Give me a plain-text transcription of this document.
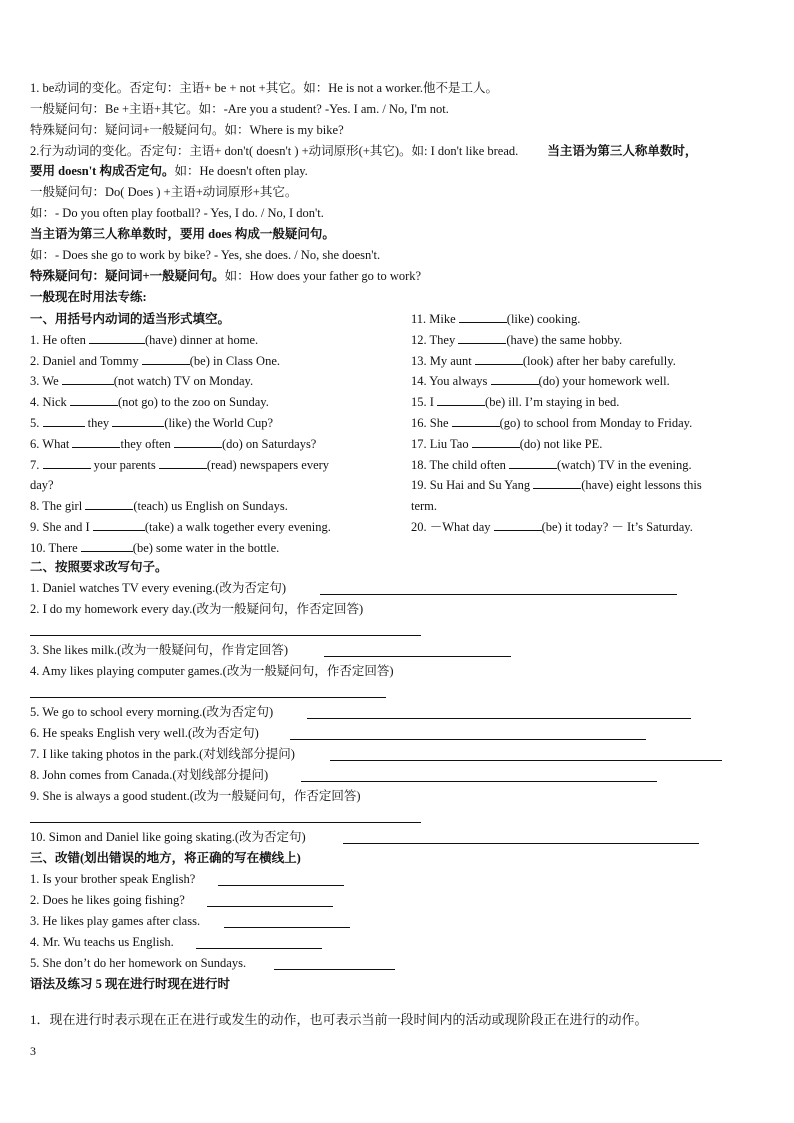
1. be动词的变化。否定句：主语+ be + not +其它。如：He is not a worker.他不是工人。
一般疑问句：Be +主语+其它。如：-Are you a student? -Yes. I am. / No, I'm not.
特殊疑问句：疑问词+一般疑问句。如：Where is my bike?
2.行为动词的变化。否定句：主语+ don't( doesn't ) +动词原形(+其它)。如: I don't like bread. 当主语为第三人称单数时，
要用 doesn't 构成否定句。如：He doesn't often play.
一般疑问句：Do( Does ) +主语+动词原形+其它。
如：- Do you often play football? - Yes, I do. / No, I don't.
当主语为第三人称单数时，要用 does 构成一般疑问句。
如：- Does she go to work by bike? - Yes, she does. / No, she doesn't.
特殊疑问句：疑问词+一般疑问句。如：How does your father go to work?
一般现在时用法专练:
一、用括号内动词的适当形式填空。
1. He often	(have) dinner at home.
2. Daniel and Tommy	(be) in Class One.
3. We	(not watch) TV on Monday.
4. Nick	(not go) to the zoo on Sunday.
5.	they	(like) the World Cup?
6. What	they often	(do) on Saturdays?
7.	your parents	(read) newspapers every
day?
8. The girl	(teach) us English on Sundays.
9. She and I	(take) a walk together every evening.
10. There	(be) some water in the bottle.
11. Mike	(like) cooking.
12. They	(have) the same hobby.
13. My aunt	(look) after her baby carefully.
14. You always	(do) your homework well.
15. I	(be) ill. I’m staying in bed.
16. She	(go) to school from Monday to Friday.
17. Liu Tao	(do) not like PE.
18. The child often	(watch) TV in the evening.
19. Su Hai and Su Yang	(have) eight lessons this
term.
20. －What day	(be) it today? － It’s Saturday.
二、按照要求改写句子。
1. Daniel watches TV every evening.(改为否定句)
2. I do my homework every day.(改为一般疑问句，作否定回答)
3. She likes milk.(改为一般疑问句，作肯定回答)
4. Amy likes playing computer games.(改为一般疑问句，作否定回答)
5. We go to school every morning.(改为否定句)
6. He speaks English very well.(改为否定句)
7. I like taking photos in the park.(对划线部分提问)
8. John comes from Canada.(对划线部分提问)
9. She is always a good student.(改为一般疑问句，作否定回答)
10. Simon and Daniel like going skating.(改为否定句)
三、改错(划出错误的地方，将正确的写在横线上)
1. Is your brother speak English?
2. Does he likes going fishing?
3. He likes play games after class.
4. Mr. Wu teachs us English.
5. She don’t do her homework on Sundays.
语法及练习 5 现在进行时现在进行时
1．现在进行时表示现在正在进行或发生的动作，也可表示当前一段时间内的活动或现阶段正在进行的动作。
3
